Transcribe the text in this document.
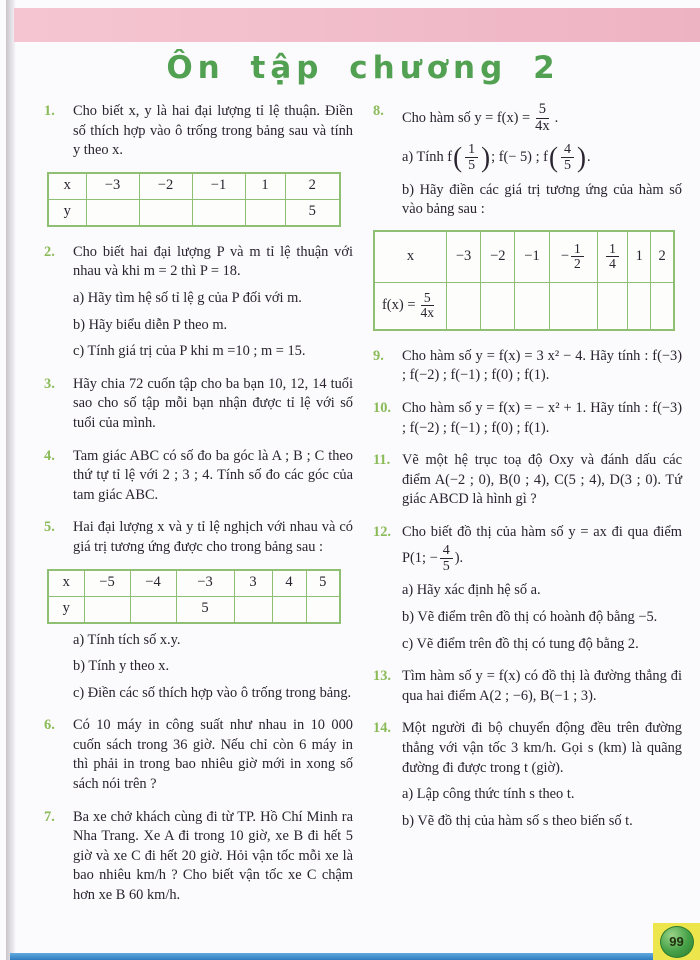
Ôn tập chương 2
1.	Cho biết x, y là hai đại lượng tỉ lệ thuận. Điền số thích hợp vào ô trống trong bảng sau và tính y theo x.
x	−3	−2	−1	1	2
y					5
2.	Cho biết hai đại lượng P và m tỉ lệ thuận với nhau và khi m = 2 thì P = 18.
a) Hãy tìm hệ số tỉ lệ g của P đối với m.
b) Hãy biểu diễn P theo m.
c) Tính giá trị của P khi m =10 ; m = 15.
3.	Hãy chia 72 cuốn tập cho ba bạn 10, 12, 14 tuổi sao cho số tập mỗi bạn nhận được tỉ lệ với số tuổi của mình.
4.	Tam giác ABC có số đo ba góc là A ; B ; C theo thứ tự tỉ lệ với 2 ; 3 ; 4. Tính số đo các góc của tam giác ABC.
5.	Hai đại lượng x và y tỉ lệ nghịch với nhau và có giá trị tương ứng được cho trong bảng sau :
x	−5	−4	−3	3	4	5
y			5			
a) Tính tích số x.y.
b) Tính y theo x.
c) Điền các số thích hợp vào ô trống trong bảng.
6.	Có 10 máy in công suất như nhau in 10 000 cuốn sách trong 36 giờ. Nếu chỉ còn 6 máy in thì phải in trong bao nhiêu giờ mới in xong số sách nói trên ?
7.	Ba xe chở khách cùng đi từ TP. Hồ Chí Minh ra Nha Trang. Xe A đi trong 10 giờ, xe B đi hết 5 giờ và xe C đi hết 20 giờ. Hỏi vận tốc mỗi xe là bao nhiêu km/h ? Cho biết vận tốc xe C chậm hơn xe B 60 km/h.
8.	Cho hàm số $y = f(x) = \frac{5}{4x}$ .
a) Tính f ( $\frac{1}{5}$ ) ; f(− 5) ; f ( $\frac{4}{5}$ ) .
b) Hãy điền các giá trị tương ứng của hàm số vào bảng sau :
x	−3	−2	−1	− $\frac{1}{2}$	$\frac{1}{4}$	1	2

$f(x) = \frac{5}{4x}$

9.	Cho hàm số y = f(x) = 3 x² − 4. Hãy tính : f(−3) ; f(−2) ; f(−1) ; f(0) ; f(1).
10. Cho hàm số y = f(x) = − x² + 1. Hãy tính : f(−3) ; f(−2) ; f(−1) ; f(0) ; f(1).
11. Vẽ một hệ trục toạ độ Oxy và đánh dấu các điểm A(−2 ; 0), B(0 ; 4), C(5 ; 4), D(3 ; 0). Tứ giác ABCD là hình gì ?
12. Cho biết đồ thị của hàm số y = ax đi qua điểm P(1; − $\frac{4}{5}$ ).
a) Hãy xác định hệ số a.
b) Vẽ điểm trên đồ thị có hoành độ bằng −5.
c) Vẽ điểm trên đồ thị có tung độ bằng 2.
13. Tìm hàm số y = f(x) có đồ thị là đường thẳng đi qua hai điểm A(2 ; −6), B(−1 ; 3).
14. Một người đi bộ chuyển động đều trên đường thẳng với vận tốc 3 km/h. Gọi s (km) là quãng đường đi được trong t (giờ).
a) Lập công thức tính s theo t.
b) Vẽ đồ thị của hàm số s theo biến số t.
99
